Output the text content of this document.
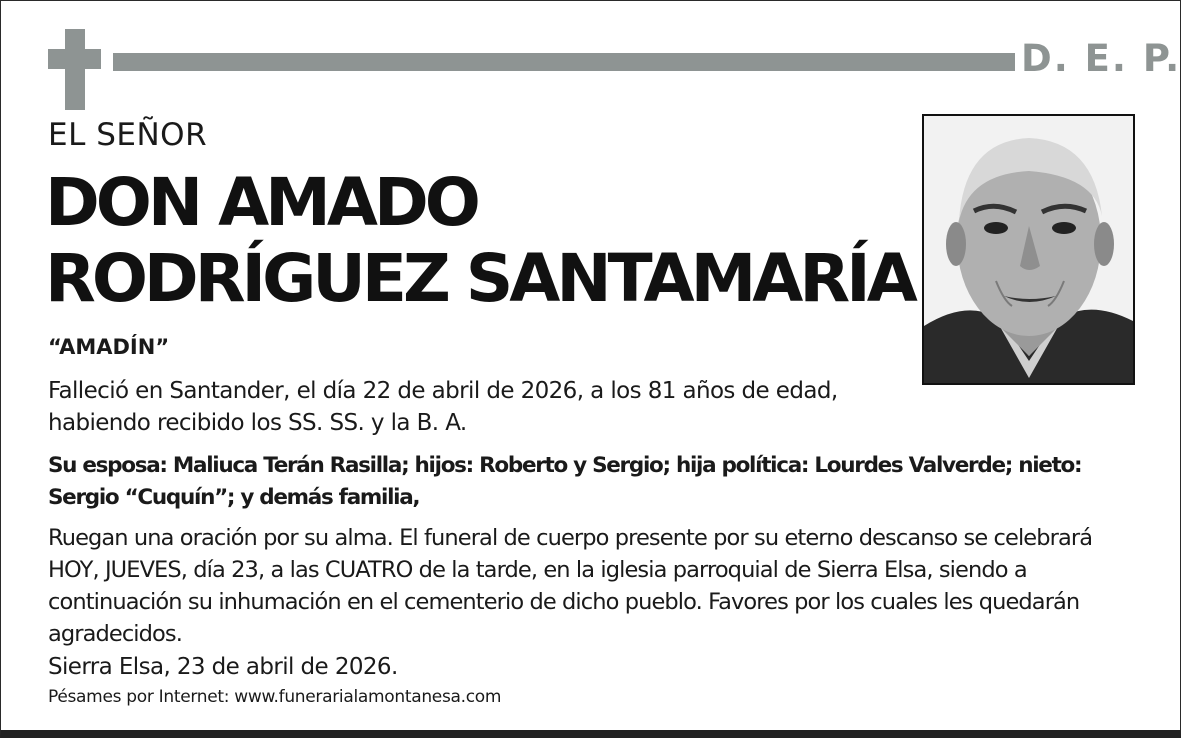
D. E. P.
EL SEÑOR
DON AMADO
RODRÍGUEZ SANTAMARÍA
“AMADÍN”
Falleció en Santander, el día 22 de abril de 2026, a los 81 años de edad, habiendo recibido los SS. SS. y la B. A.
Su esposa: Maliuca Terán Rasilla; hijos: Roberto y Sergio; hija política: Lourdes Valverde; nieto: Sergio “Cuquín”; y demás familia,
Ruegan una oración por su alma. El funeral de cuerpo presente por su eterno descanso se celebrará HOY, JUEVES, día 23, a las CUATRO de la tarde, en la iglesia parroquial de Sierra Elsa, siendo a continuación su inhumación en el cementerio de dicho pueblo. Favores por los cuales les quedarán agradecidos.
Sierra Elsa, 23 de abril de 2026.
Pésames por Internet: www.funerarialamontanesa.com
